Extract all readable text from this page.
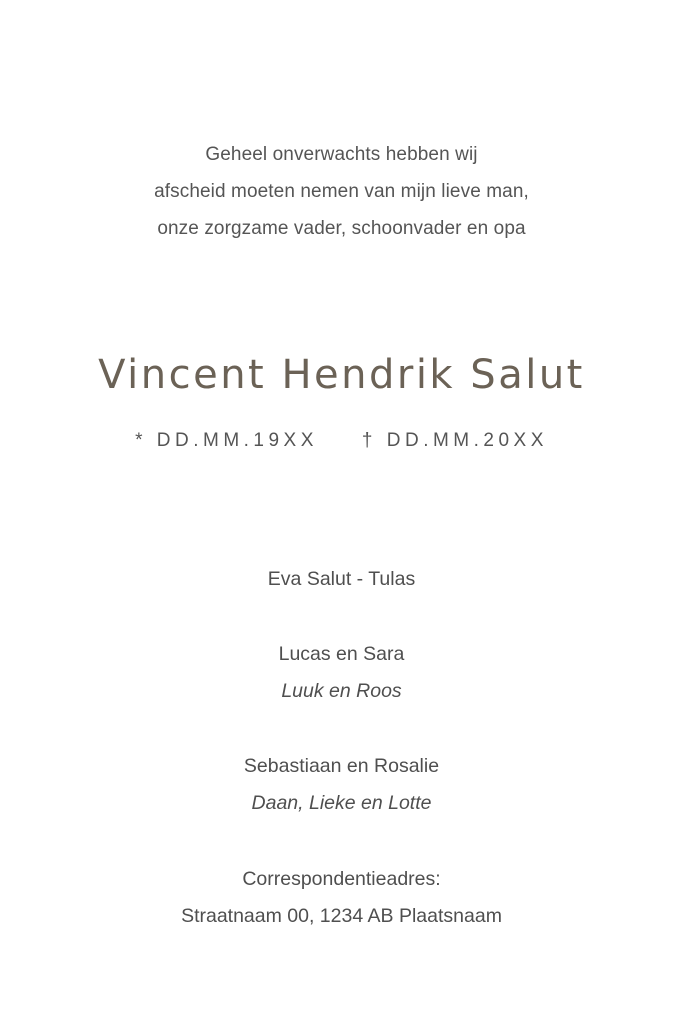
Geheel onverwachts hebben wij
afscheid moeten nemen van mijn lieve man,
onze zorgzame vader, schoonvader en opa
Vincent Hendrik Salut
* DD.MM.19XX † DD.MM.20XX
Eva Salut - Tulas
Lucas en Sara
Luuk en Roos
Sebastiaan en Rosalie
Daan, Lieke en Lotte
Correspondentieadres:
Straatnaam 00, 1234 AB Plaatsnaam
